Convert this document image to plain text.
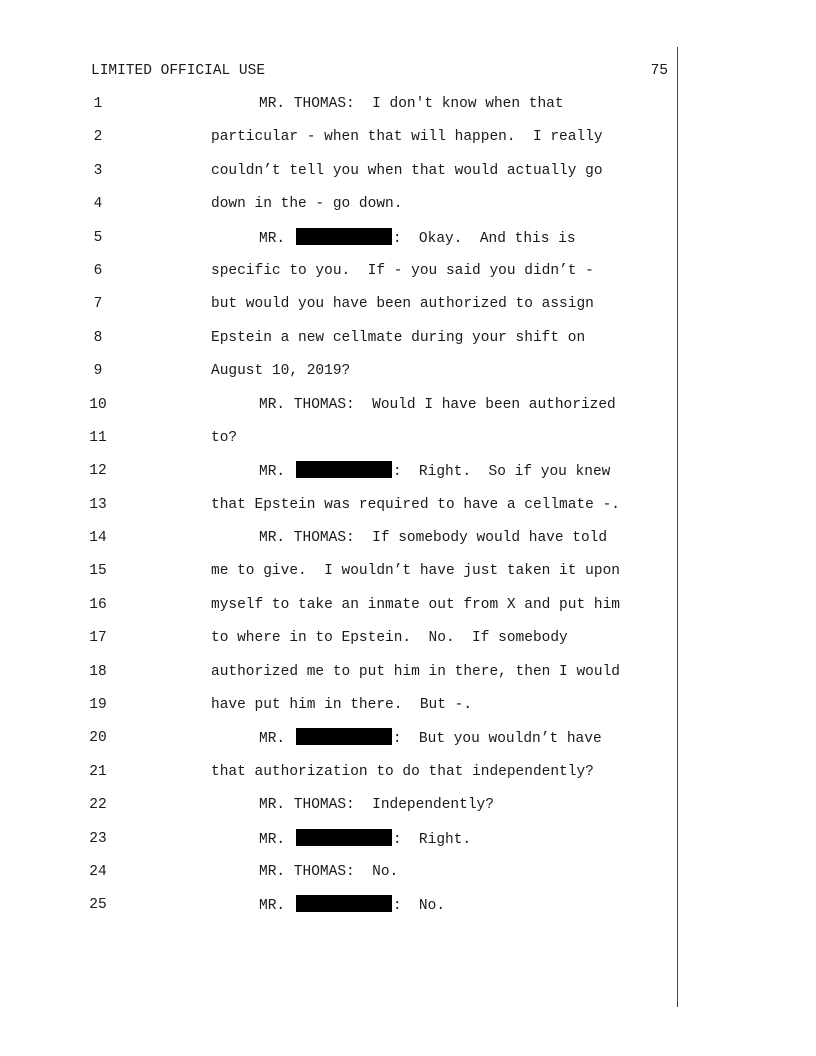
LIMITED OFFICIAL USE	75
1	MR. THOMAS:  I don't know when that
2	particular - when that will happen.  I really
3	couldn’t tell you when that would actually go
4	down in the - go down.
5	MR.	:  Okay.  And this is
6	specific to you.  If - you said you didn’t -
7	but would you have been authorized to assign
8	Epstein a new cellmate during your shift on
9	August 10, 2019?
10	MR. THOMAS:  Would I have been authorized
11	to?
12	MR.	:  Right.  So if you knew
13	that Epstein was required to have a cellmate -.
14	MR. THOMAS:  If somebody would have told
15	me to give.  I wouldn’t have just taken it upon
16	myself to take an inmate out from X and put him
17	to where in to Epstein.  No.  If somebody
18	authorized me to put him in there, then I would
19	have put him in there.  But -.
20	MR.	:  But you wouldn’t have
21	that authorization to do that independently?
22	MR. THOMAS:  Independently?
23	MR.	:  Right.
24	MR. THOMAS:  No.
25	MR.	:  No.
